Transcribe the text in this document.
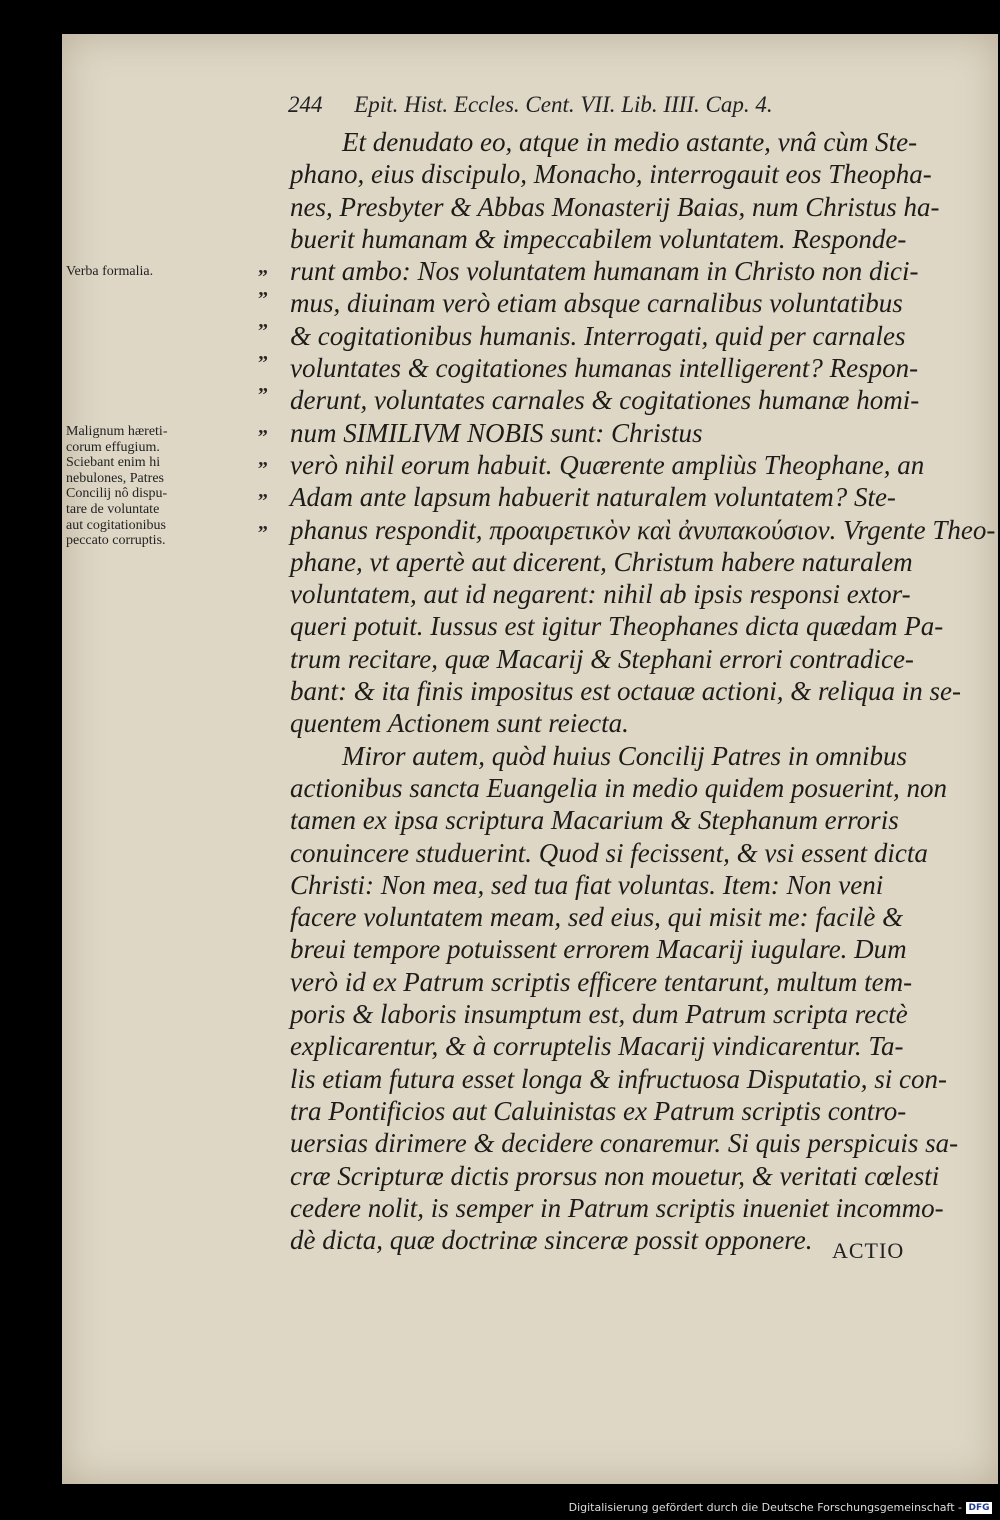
244 Epit. Hist. Eccles. Cent. VII. Lib. IIII. Cap. 4.
Et denudato eo, atque in medio astante, vnâ cùm Ste-
phano, eius discipulo, Monacho, interrogauit eos Theopha-
nes, Presbyter & Abbas Monasterij Baias, num Christus ha-
buerit humanam & impeccabilem voluntatem. Responde-
runt ambo: Nos voluntatem humanam in Christo non dici-
mus, diuinam verò etiam absque carnalibus voluntatibus
& cogitationibus humanis. Interrogati, quid per carnales
voluntates & cogitationes humanas intelligerent? Respon-
derunt, voluntates carnales & cogitationes humanæ homi-
num SIMILIVM NOBIS sunt: Christus
verò nihil eorum habuit. Quærente ampliùs Theophane, an
Adam ante lapsum habuerit naturalem voluntatem? Ste-
phanus respondit, προαιρετικὸν καὶ ἀνυπακούσιον. Vrgente Theo-
phane, vt apertè aut dicerent, Christum habere naturalem
voluntatem, aut id negarent: nihil ab ipsis responsi extor-
queri potuit. Iussus est igitur Theophanes dicta quædam Pa-
trum recitare, quæ Macarij & Stephani errori contradice-
bant: & ita finis impositus est octauæ actioni, & reliqua in se-
quentem Actionem sunt reiecta.
Miror autem, quòd huius Concilij Patres in omnibus
actionibus sancta Euangelia in medio quidem posuerint, non
tamen ex ipsa scriptura Macarium & Stephanum erroris
conuincere studuerint. Quod si fecissent, & vsi essent dicta
Christi: Non mea, sed tua fiat voluntas. Item: Non veni
facere voluntatem meam, sed eius, qui misit me: facilè &
breui tempore potuissent errorem Macarij iugulare. Dum
verò id ex Patrum scriptis efficere tentarunt, multum tem-
poris & laboris insumptum est, dum Patrum scripta rectè
explicarentur, & à corruptelis Macarij vindicarentur. Ta-
lis etiam futura esset longa & infructuosa Disputatio, si con-
tra Pontificios aut Caluinistas ex Patrum scriptis contro-
uersias dirimere & decidere conaremur. Si quis perspicuis sa-
cræ Scripturæ dictis prorsus non mouetur, & veritati cœlesti
cedere nolit, is semper in Patrum scriptis inueniet incommo-
dè dicta, quæ doctrinæ sinceræ possit opponere.
„
”
”
”
”
„
„
„
„
Verba formalia.
Malignum hæreti-
corum effugium.
Sciebant enim hi
nebulones, Patres
Concilij nô dispu-
tare de voluntate
aut cogitationibus
peccato corruptis.
ACTIO
Digitalisierung gefördert durch die Deutsche Forschungsgemeinschaft - DFG
